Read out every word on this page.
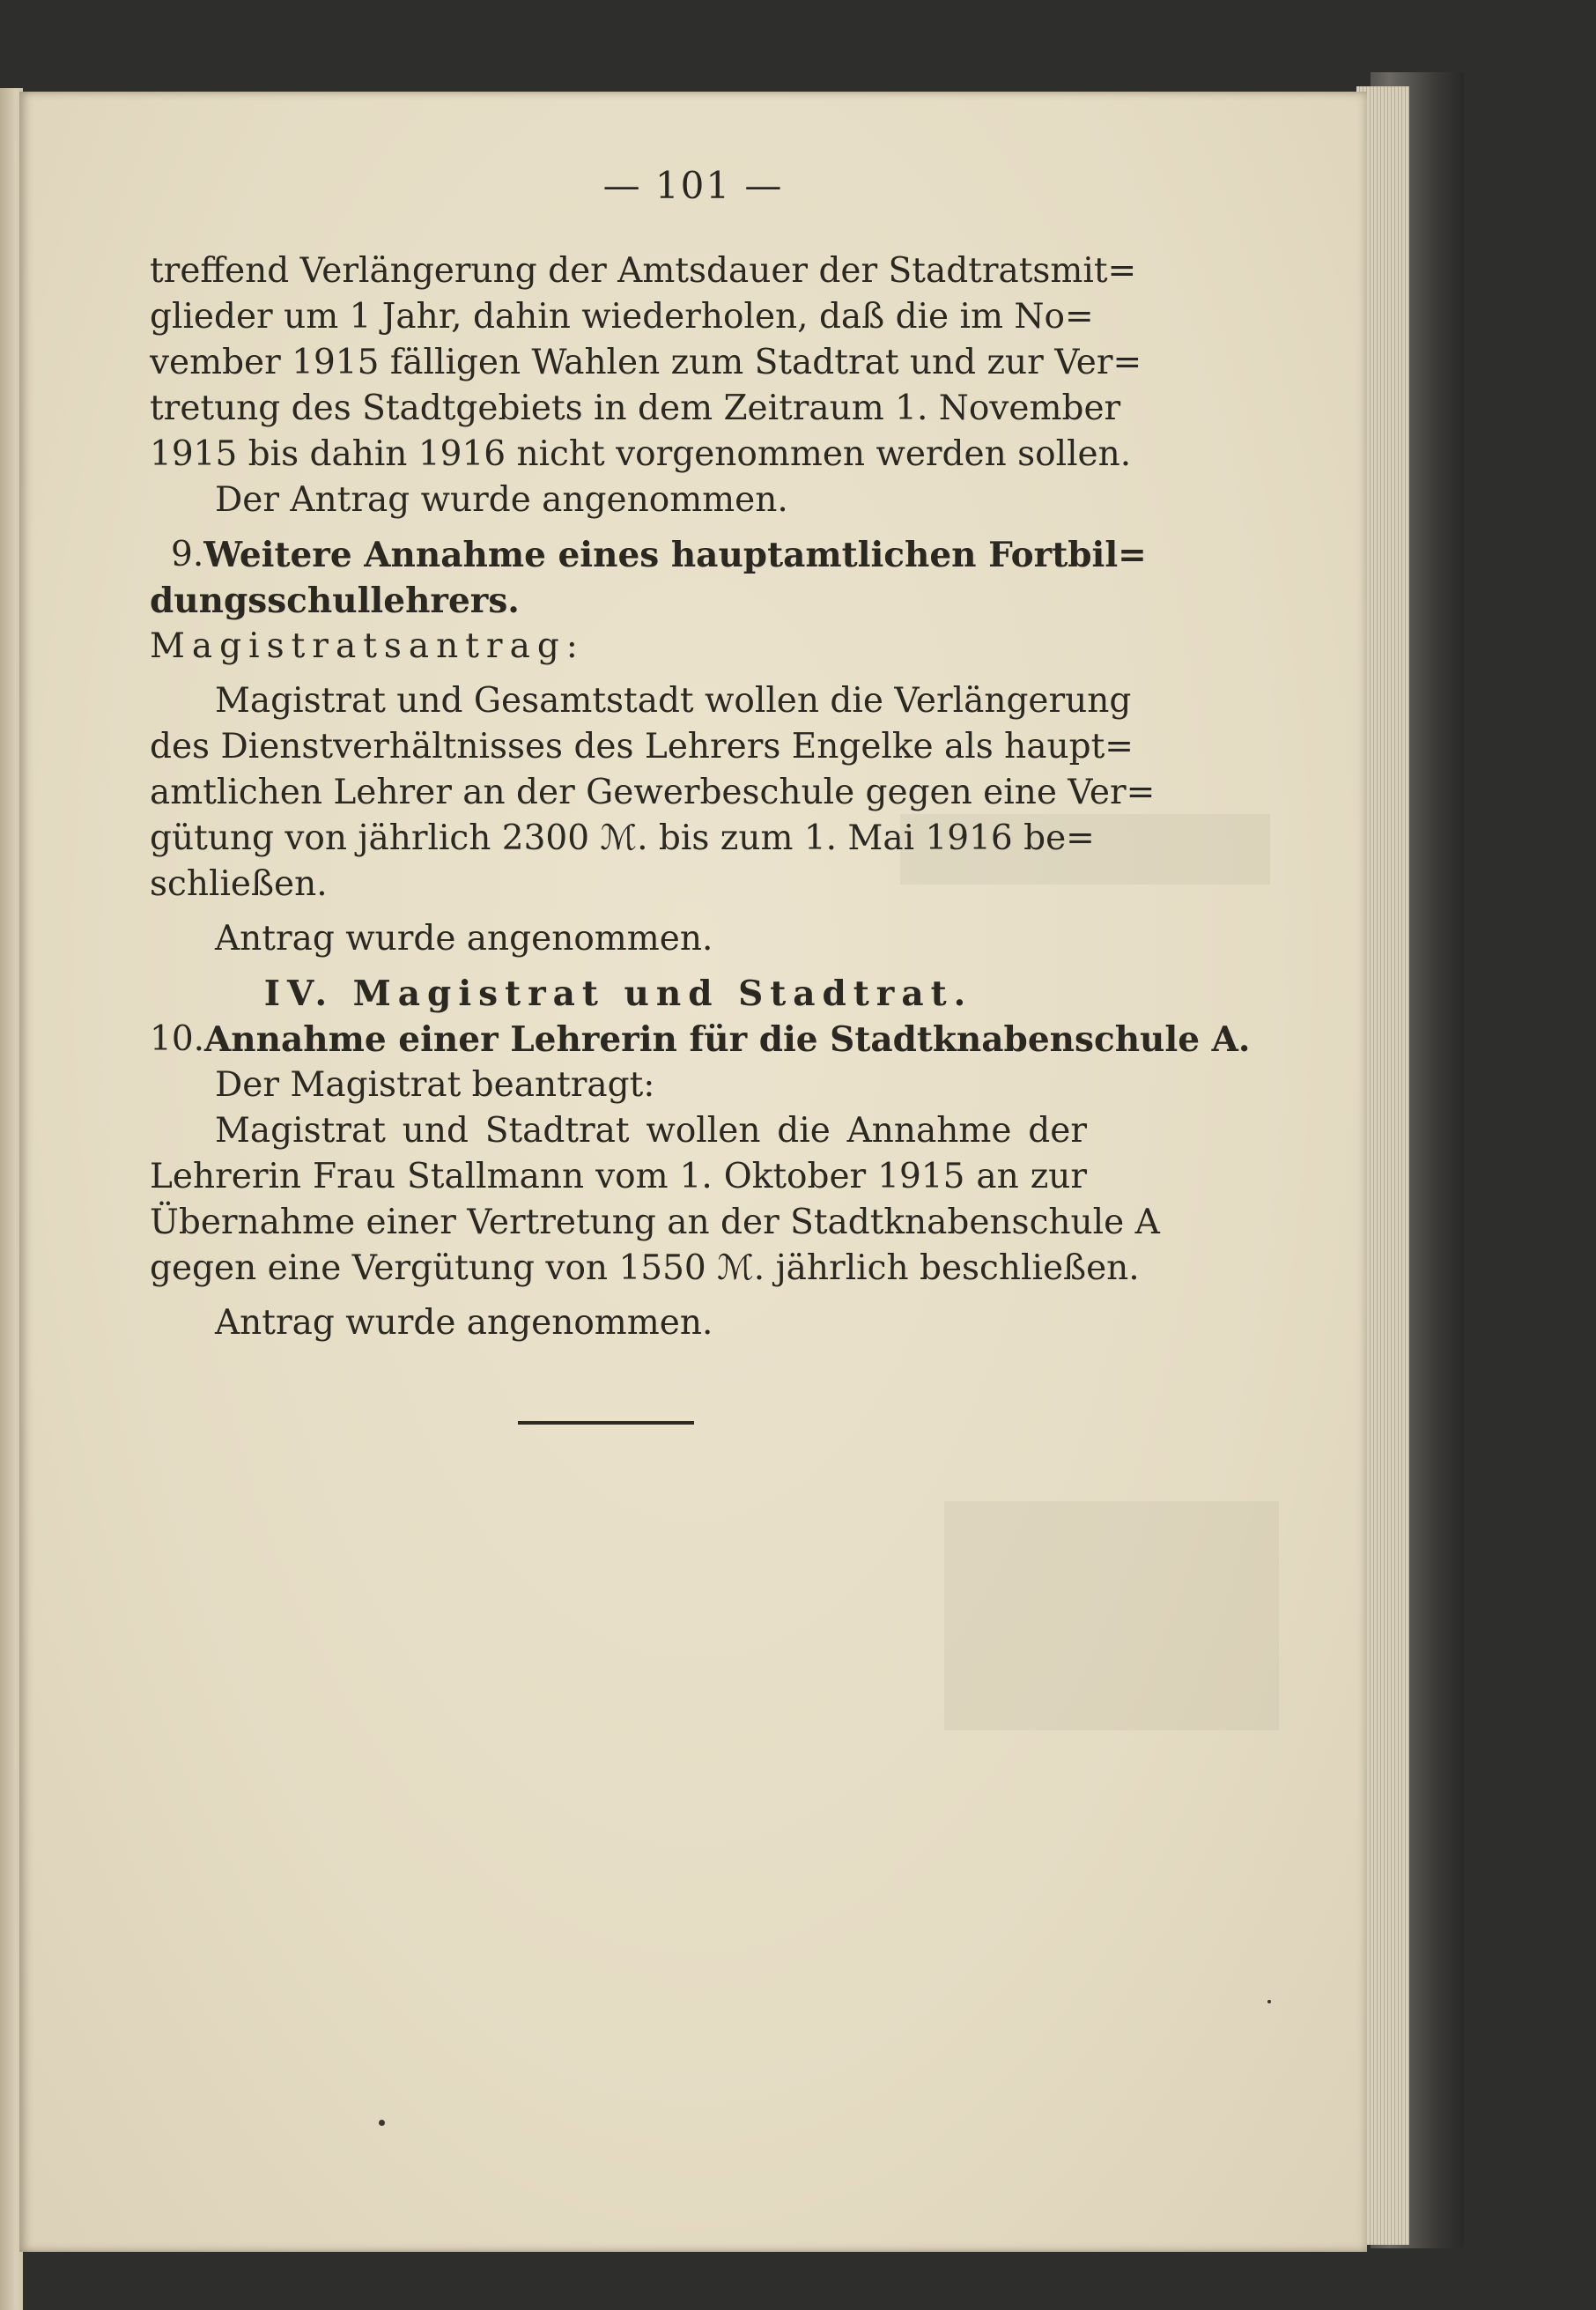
— 101 —
treffend Verlängerung der Amtsdauer der Stadtratsmit=
glieder um 1 Jahr, dahin wiederholen, daß die im No=
vember 1915 fälligen Wahlen zum Stadtrat und zur Ver=
tretung des Stadtgebiets in dem Zeitraum 1. November
1915 bis dahin 1916 nicht vorgenommen werden sollen.
Der Antrag wurde angenommen.
9. Weitere Annahme eines hauptamtlichen Fortbil=
dungsschullehrers.
Magistratsantrag:
Magistrat und Gesamtstadt wollen die Verlängerung
des Dienstverhältnisses des Lehrers Engelke als haupt=
amtlichen Lehrer an der Gewerbeschule gegen eine Ver=
gütung von jährlich 2300 ℳ. bis zum 1. Mai 1916 be=
schließen.
Antrag wurde angenommen.
IV. Magistrat und Stadtrat.
10. Annahme einer Lehrerin für die Stadtknabenschule A.
Der Magistrat beantragt:
Magistrat und Stadtrat wollen die Annahme der
Lehrerin Frau Stallmann vom 1. Oktober 1915 an zur
Übernahme einer Vertretung an der Stadtknabenschule A
gegen eine Vergütung von 1550 ℳ. jährlich beschließen.
Antrag wurde angenommen.
